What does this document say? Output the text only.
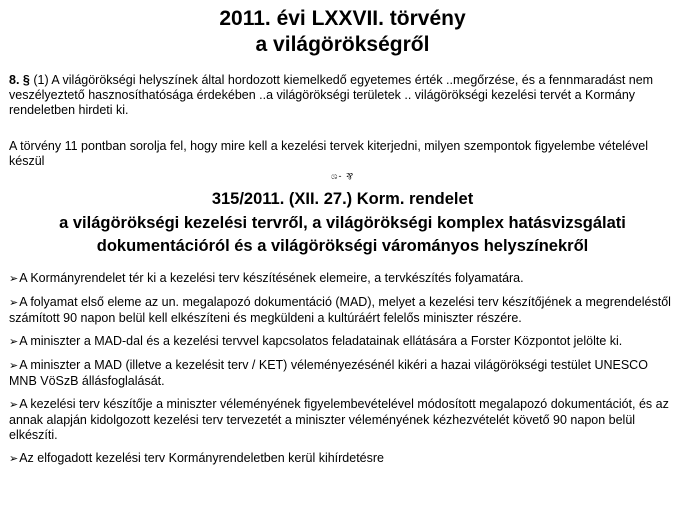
2011. évi LXXVII. törvény
a világörökségről

8. § (1) A világörökségi helyszínek által hordozott kiemelkedő egyetemes érték ..megőrzése, és a fennmaradást nem veszélyeztető hasznosíthatósága érdekében ..a világörökségi területek .. világörökségi kezelési tervét a Kormány rendeletben hirdeti ki.

A törvény 11 pontban sorolja fel, hogy mire kell a kezelési tervek kiterjedni, milyen szempontok figyelembe vételével készül

ශ- ⅋
315/2011. (XII. 27.) Korm. rendelet
a világörökségi kezelési tervről, a világörökségi komplex hatásvizsgálati
dokumentációról és a világörökségi várományos helyszínekről
➢A Kormányrendelet tér ki a kezelési terv készítésének elemeire, a tervkészítés folyamatára.
➢A folyamat első eleme az un. megalapozó dokumentáció (MAD), melyet a kezelési terv készítőjének a megrendeléstől számított 90 napon belül kell elkészíteni és megküldeni a kultúráért felelős miniszter részére.
➢A miniszter a MAD-dal és a kezelési tervvel kapcsolatos feladatainak ellátására a Forster Központot jelölte ki.
➢A miniszter a MAD (illetve a kezelésit terv / KET) véleményezésénél kikéri a hazai világörökségi testület UNESCO MNB VöSzB állásfoglalását.
➢A kezelési terv készítője a miniszter véleményének figyelembevételével módosított megalapozó dokumentációt, és az annak alapján kidolgozott kezelési terv tervezetét a miniszter véleményének kézhezvételét követő 90 napon belül elkészíti.
➢Az elfogadott kezelési terv Kormányrendeletben kerül kihírdetésre
